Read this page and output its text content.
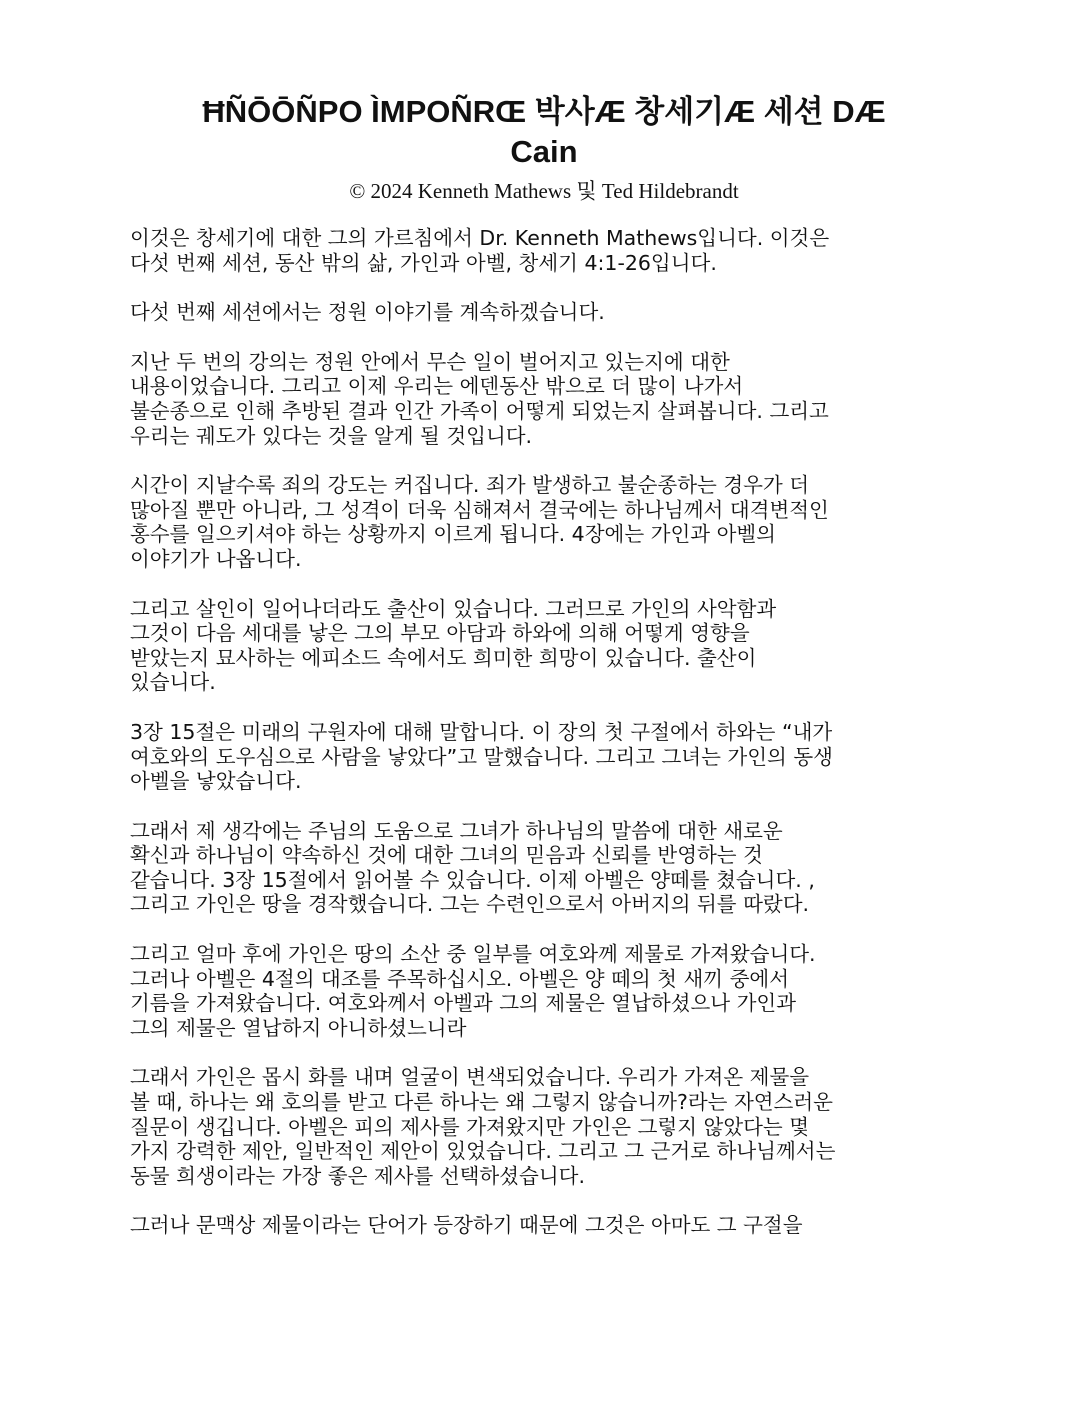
ĦÑŌŌÑPO ÌMPOÑRŒ 박사Æ 창세기Æ 세션 DÆ
Cain
© 2024 Kenneth Mathews 및 Ted Hildebrandt
이것은 창세기에 대한 그의 가르침에서 Dr. Kenneth Mathews입니다. 이것은
다섯 번째 세션, 동산 밖의 삶, 가인과 아벨, 창세기 4:1-26입니다.
다섯 번째 세션에서는 정원 이야기를 계속하겠습니다.
지난 두 번의 강의는 정원 안에서 무슨 일이 벌어지고 있는지에 대한
내용이었습니다. 그리고 이제 우리는 에덴동산 밖으로 더 많이 나가서
불순종으로 인해 추방된 결과 인간 가족이 어떻게 되었는지 살펴봅니다. 그리고
우리는 궤도가 있다는 것을 알게 될 것입니다.
시간이 지날수록 죄의 강도는 커집니다. 죄가 발생하고 불순종하는 경우가 더
많아질 뿐만 아니라, 그 성격이 더욱 심해져서 결국에는 하나님께서 대격변적인
홍수를 일으키셔야 하는 상황까지 이르게 됩니다. 4장에는 가인과 아벨의
이야기가 나옵니다.
그리고 살인이 일어나더라도 출산이 있습니다. 그러므로 가인의 사악함과
그것이 다음 세대를 낳은 그의 부모 아담과 하와에 의해 어떻게 영향을
받았는지 묘사하는 에피소드 속에서도 희미한 희망이 있습니다. 출산이
있습니다.
3장 15절은 미래의 구원자에 대해 말합니다. 이 장의 첫 구절에서 하와는 “내가
여호와의 도우심으로 사람을 낳았다”고 말했습니다. 그리고 그녀는 가인의 동생
아벨을 낳았습니다.
그래서 제 생각에는 주님의 도움으로 그녀가 하나님의 말씀에 대한 새로운
확신과 하나님이 약속하신 것에 대한 그녀의 믿음과 신뢰를 반영하는 것
같습니다. 3장 15절에서 읽어볼 수 있습니다. 이제 아벨은 양떼를 쳤습니다. ,
그리고 가인은 땅을 경작했습니다. 그는 수련인으로서 아버지의 뒤를 따랐다.
그리고 얼마 후에 가인은 땅의 소산 중 일부를 여호와께 제물로 가져왔습니다.
그러나 아벨은 4절의 대조를 주목하십시오. 아벨은 양 떼의 첫 새끼 중에서
기름을 가져왔습니다. 여호와께서 아벨과 그의 제물은 열납하셨으나 가인과
그의 제물은 열납하지 아니하셨느니라
그래서 가인은 몹시 화를 내며 얼굴이 변색되었습니다. 우리가 가져온 제물을
볼 때, 하나는 왜 호의를 받고 다른 하나는 왜 그렇지 않습니까?라는 자연스러운
질문이 생깁니다. 아벨은 피의 제사를 가져왔지만 가인은 그렇지 않았다는 몇
가지 강력한 제안, 일반적인 제안이 있었습니다. 그리고 그 근거로 하나님께서는
동물 희생이라는 가장 좋은 제사를 선택하셨습니다.
그러나 문맥상 제물이라는 단어가 등장하기 때문에 그것은 아마도 그 구절을
